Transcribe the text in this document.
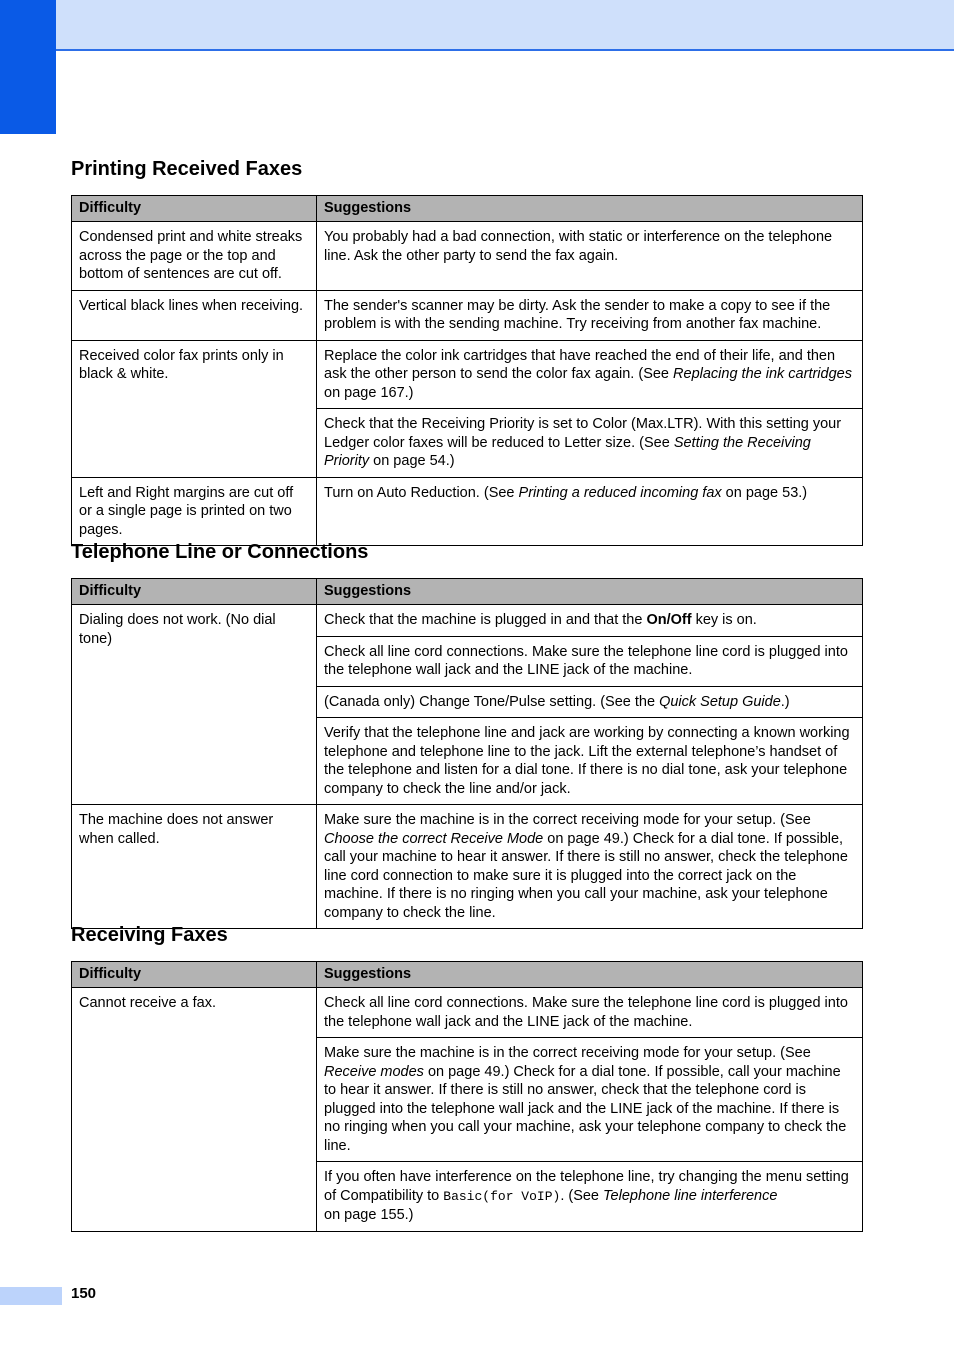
Printing Received Faxes
Difficulty	Suggestions
Condensed print and white streaks across the page or the top and bottom of sentences are cut off.	You probably had a bad connection, with static or interference on the telephone line. Ask the other party to send the fax again.
Vertical black lines when receiving.	The sender's scanner may be dirty. Ask the sender to make a copy to see if the problem is with the sending machine. Try receiving from another fax machine.
Received color fax prints only in black & white.	Replace the color ink cartridges that have reached the end of their life, and then ask the other person to send the color fax again. (See Replacing the ink cartridges on page 167.)
	Check that the Receiving Priority is set to Color (Max.LTR). With this setting your Ledger color faxes will be reduced to Letter size. (See Setting the Receiving Priority on page 54.)
Left and Right margins are cut off or a single page is printed on two pages.	Turn on Auto Reduction. (See Printing a reduced incoming fax on page 53.)
Telephone Line or Connections
Difficulty	Suggestions
Dialing does not work. (No dial tone)	Check that the machine is plugged in and that the On/Off key is on.
	Check all line cord connections. Make sure the telephone line cord is plugged into the telephone wall jack and the LINE jack of the machine.
	(Canada only) Change Tone/Pulse setting. (See the Quick Setup Guide.)
	Verify that the telephone line and jack are working by connecting a known working telephone and telephone line to the jack. Lift the external telephone’s handset of the telephone and listen for a dial tone. If there is no dial tone, ask your telephone company to check the line and/or jack.
The machine does not answer when called.	Make sure the machine is in the correct receiving mode for your setup. (See Choose the correct Receive Mode on page 49.) Check for a dial tone. If possible, call your machine to hear it answer. If there is still no answer, check the telephone line cord connection to make sure it is plugged into the correct jack on the machine. If there is no ringing when you call your machine, ask your telephone company to check the line.
Receiving Faxes
Difficulty	Suggestions
Cannot receive a fax.	Check all line cord connections. Make sure the telephone line cord is plugged into the telephone wall jack and the LINE jack of the machine.
	Make sure the machine is in the correct receiving mode for your setup. (See Receive modes on page 49.) Check for a dial tone. If possible, call your machine to hear it answer. If there is still no answer, check that the telephone cord is plugged into the telephone wall jack and the LINE jack of the machine. If there is no ringing when you call your machine, ask your telephone company to check the line.
	If you often have interference on the telephone line, try changing the menu setting of Compatibility to Basic(for VoIP). (See Telephone line interference
on page 155.)
150
